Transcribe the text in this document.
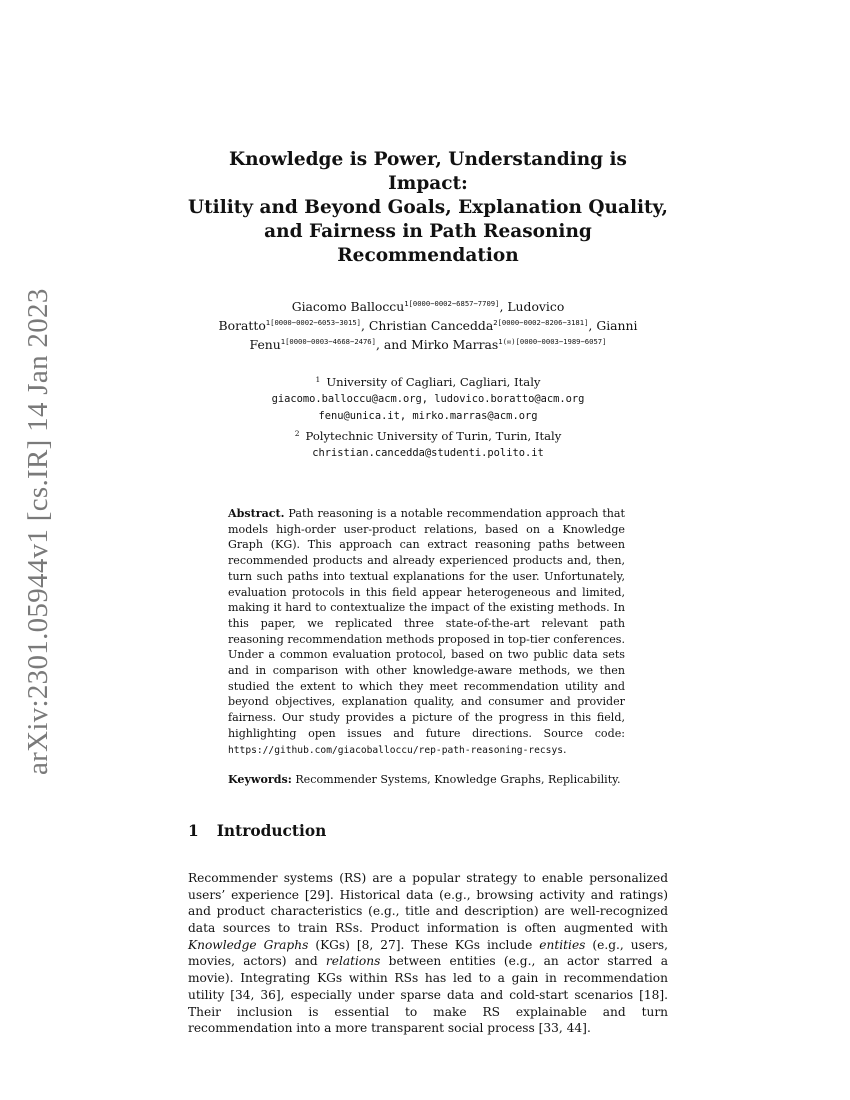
arXiv:2301.05944v1 [cs.IR] 14 Jan 2023
Knowledge is Power, Understanding is Impact:
Utility and Beyond Goals, Explanation Quality,
and Fairness in Path Reasoning Recommendation
Giacomo Balloccu$^{1[0000-0002-6857-7709]}$, Ludovico
Boratto$^{1[0000-0002-6053-3015]}$, Christian Cancedda$^{2[0000-0002-8206-3181]}$, Gianni
Fenu$^{1[0000-0003-4668-2476]}$, and Mirko Marras$^{1(✉)[0000-0003-1989-6057]}$
$^1$ University of Cagliari, Cagliari, Italy
giacomo.balloccu@acm.org, ludovico.boratto@acm.org
fenu@unica.it, mirko.marras@acm.org
$^2$ Polytechnic University of Turin, Turin, Italy
christian.cancedda@studenti.polito.it
Abstract. Path reasoning is a notable recommendation approach that models high-order user-product relations, based on a Knowledge Graph (KG). This approach can extract reasoning paths between recommended products and already experienced products and, then, turn such paths into textual explanations for the user. Unfortunately, evaluation protocols in this field appear heterogeneous and limited, making it hard to contextualize the impact of the existing methods. In this paper, we replicated three state-of-the-art relevant path reasoning recommendation methods proposed in top-tier conferences. Under a common evaluation protocol, based on two public data sets and in comparison with other knowledge-aware methods, we then studied the extent to which they meet recommendation utility and beyond objectives, explanation quality, and consumer and provider fairness. Our study provides a picture of the progress in this field, highlighting open issues and future directions. Source code: https://github.com/giacoballoccu/rep-path-reasoning-recsys.
Keywords: Recommender Systems, Knowledge Graphs, Replicability.
1 Introduction
Recommender systems (RS) are a popular strategy to enable personalized users’ experience [29]. Historical data (e.g., browsing activity and ratings) and product characteristics (e.g., title and description) are well-recognized data sources to train RSs. Product information is often augmented with Knowledge Graphs (KGs) [8, 27]. These KGs include entities (e.g., users, movies, actors) and relations between entities (e.g., an actor starred a movie). Integrating KGs within RSs has led to a gain in recommendation utility [34, 36], especially under sparse data and cold-start scenarios [18]. Their inclusion is essential to make RS explainable and turn recommendation into a more transparent social process [33, 44].
